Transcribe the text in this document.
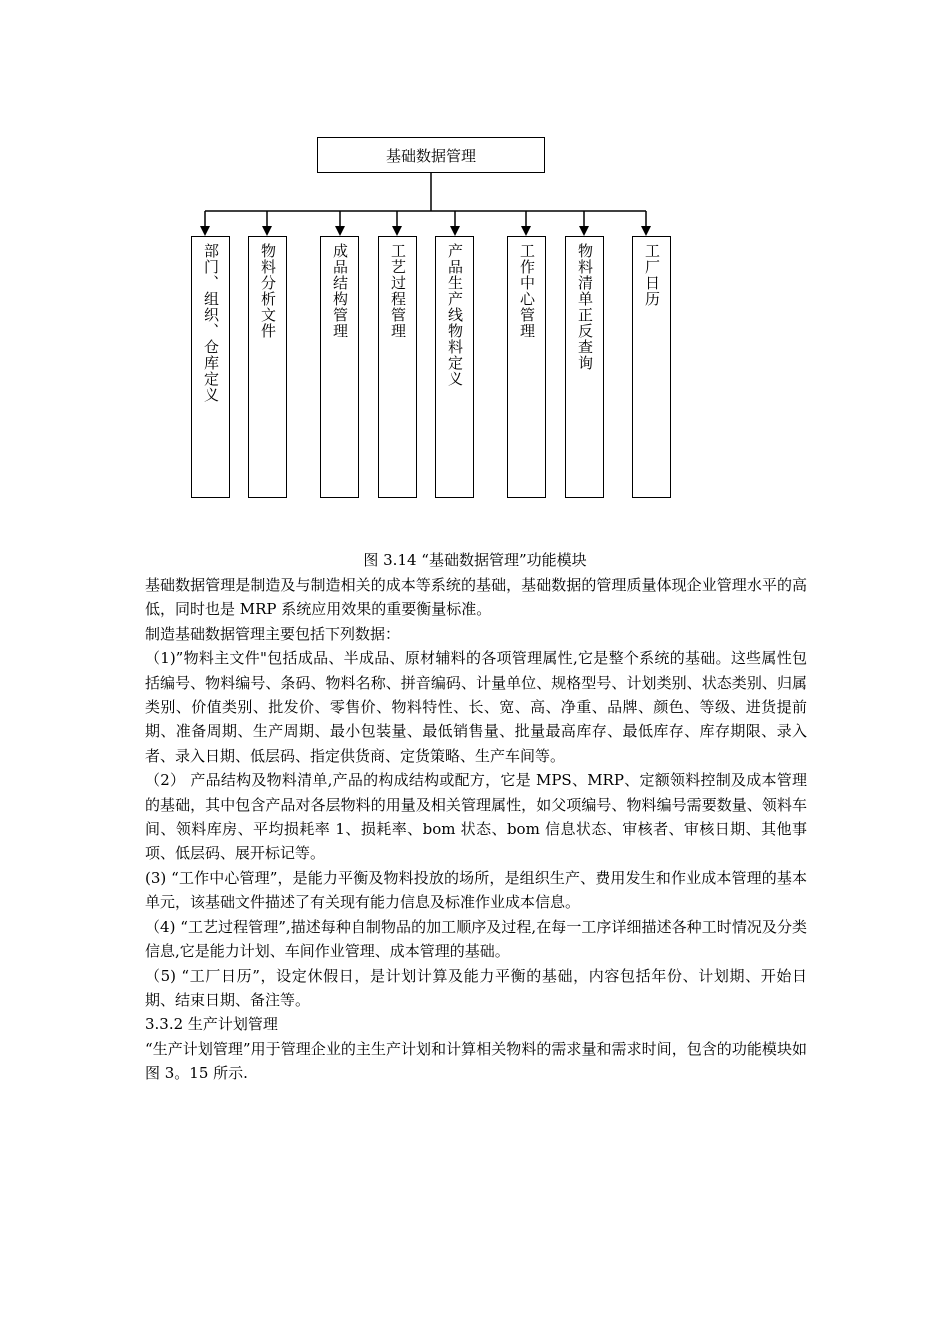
基础数据管理
部门、组织、仓库定义	物料分析文件	成品结构管理	工艺过程管理	产品生产线物料定义	工作中心管理	物料清单正反查询	工厂日历
图 3.14 “基础数据管理”功能模块

基础数据管理是制造及与制造相关的成本等系统的基础，基础数据的管理质量体现企业管理水平的高低，同时也是 MRP 系统应用效果的重要衡量标准。

制造基础数据管理主要包括下列数据：

（1)”物料主文件"包括成品、半成品、原材辅料的各项管理属性,它是整个系统的基础。这些属性包括编号、物料编号、条码、物料名称、拼音编码、计量单位、规格型号、计划类别、状态类别、归属类别、价值类别、批发价、零售价、物料特性、长、宽、高、净重、品牌、颜色、等级、进货提前期、准备周期、生产周期、最小包装量、最低销售量、批量最高库存、最低库存、库存期限、录入者、录入日期、低层码、指定供货商、定货策略、生产车间等。

（2） 产品结构及物料清单,产品的构成结构或配方，它是 MPS、MRP、定额领料控制及成本管理的基础，其中包含产品对各层物料的用量及相关管理属性，如父项编号、物料编号需要数量、领料车间、领料库房、平均损耗率 1、损耗率、bom 状态、bom 信息状态、审核者、审核日期、其他事项、低层码、展开标记等。

(3) “工作中心管理”，是能力平衡及物料投放的场所，是组织生产、费用发生和作业成本管理的基本单元，该基础文件描述了有关现有能力信息及标准作业成本信息。

（4) “工艺过程管理”,描述每种自制物品的加工顺序及过程,在每一工序详细描述各种工时情况及分类信息,它是能力计划、车间作业管理、成本管理的基础。

（5) “工厂日历”，设定休假日，是计划计算及能力平衡的基础，内容包括年份、计划期、开始日期、结束日期、备注等。

3.3.2 生产计划管理

“生产计划管理”用于管理企业的主生产计划和计算相关物料的需求量和需求时间，包含的功能模块如图 3。15 所示.
